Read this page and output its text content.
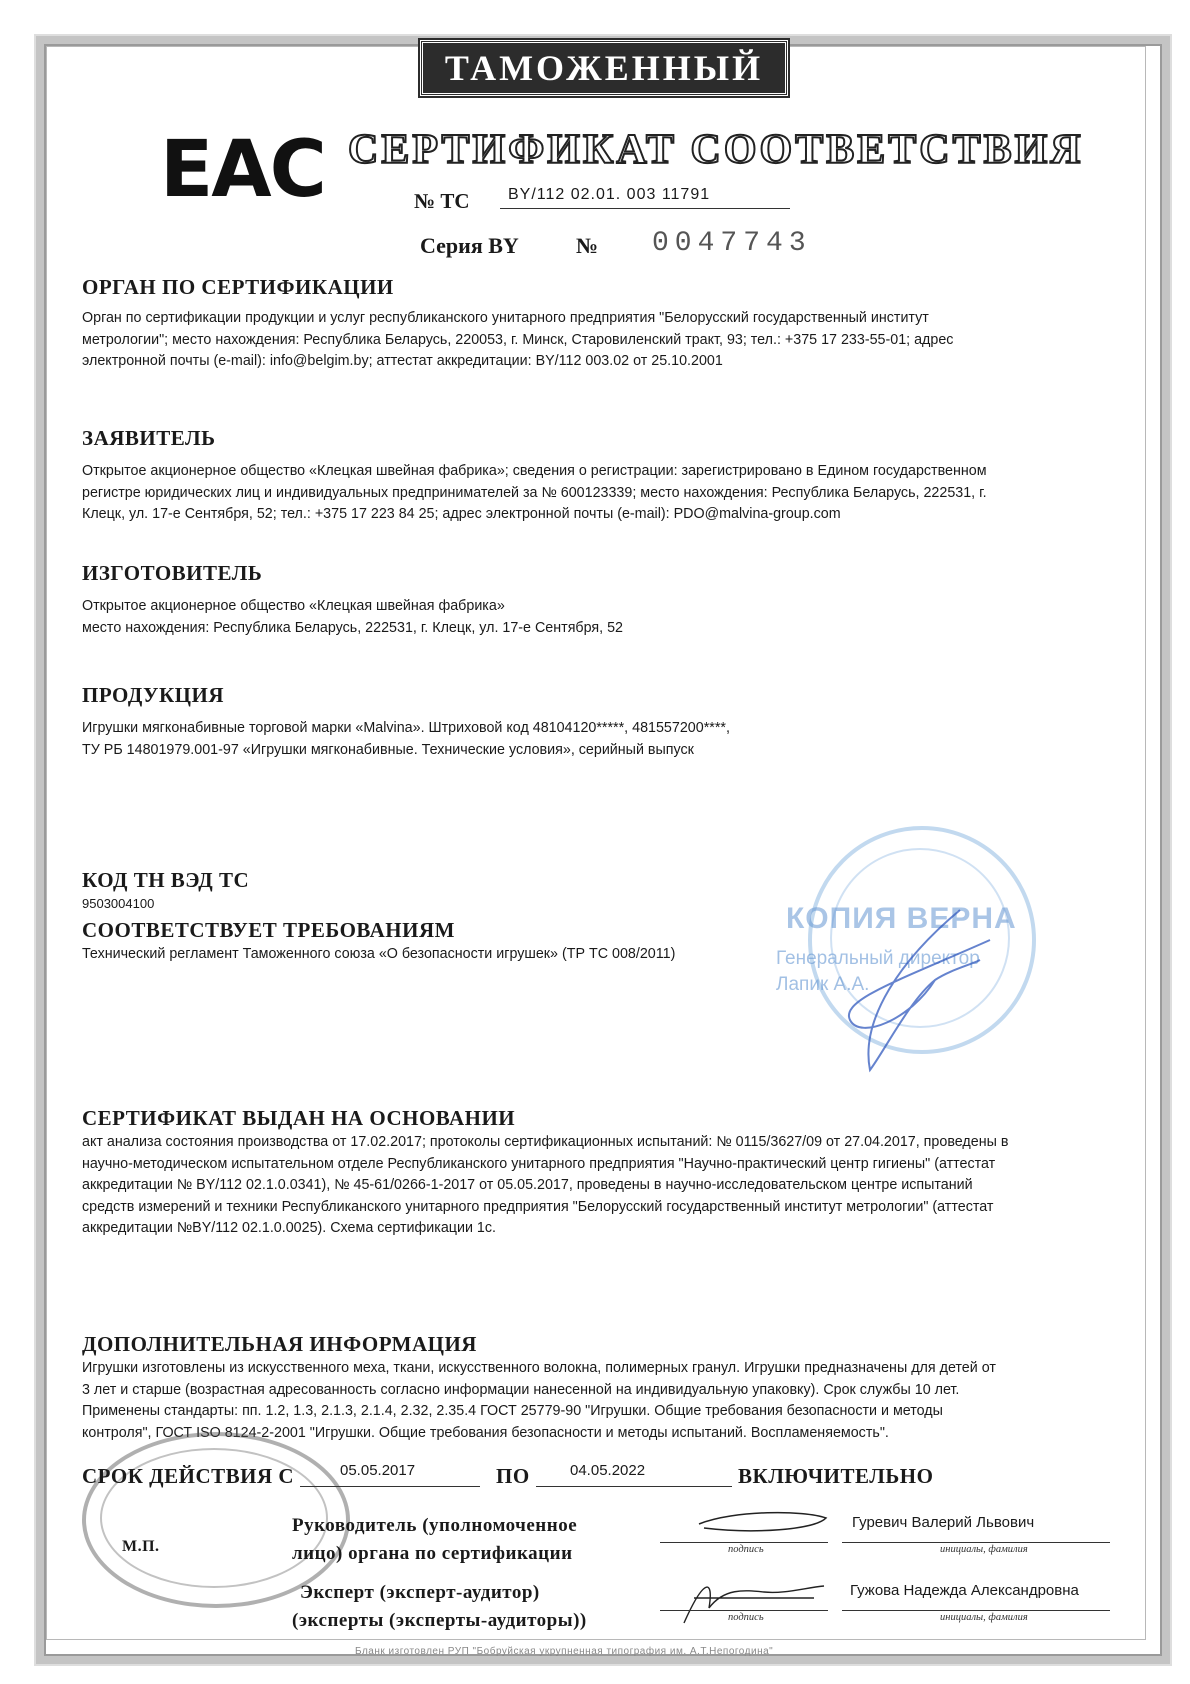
ТАМОЖЕННЫЙ СОЮЗ
EAC СЕРТИФИКАТ СООТВЕТСТВИЯ
№ ТС BY/112 02.01. 003 11791
Серия BY	№ 0047743
ОРГАН ПО СЕРТИФИКАЦИИ
Орган по сертификации продукции и услуг республиканского унитарного предприятия "Белорусский государственный институт
метрологии"; место нахождения: Республика Беларусь, 220053, г. Минск, Старовиленский тракт, 93; тел.: +375 17 233-55-01; адрес
электронной почты (e-mail): info@belgim.by; аттестат аккредитации: BY/112 003.02 от 25.10.2001
ЗАЯВИТЕЛЬ
Открытое акционерное общество «Клецкая швейная фабрика»; сведения о регистрации: зарегистрировано в Едином государственном
регистре юридических лиц и индивидуальных предпринимателей за № 600123339; место нахождения: Республика Беларусь, 222531, г.
Клецк, ул. 17-е Сентября, 52; тел.: +375 17 223 84 25; адрес электронной почты (e-mail): PDO@malvina-group.com
ИЗГОТОВИТЕЛЬ
Открытое акционерное общество «Клецкая швейная фабрика»
место нахождения: Республика Беларусь, 222531, г. Клецк, ул. 17-е Сентября, 52
ПРОДУКЦИЯ
Игрушки мягконабивные торговой марки «Malvina». Штриховой код 48104120*****, 481557200****,
ТУ РБ 14801979.001-97 «Игрушки мягконабивные. Технические условия», серийный выпуск
КОПИЯ ВЕРНА
Генеральный директор
Лапик А.А.
КОД ТН ВЭД ТС
9503004100
СООТВЕТСТВУЕТ ТРЕБОВАНИЯМ
Технический регламент Таможенного союза «О безопасности игрушек» (ТР ТС 008/2011)
СЕРТИФИКАТ ВЫДАН НА ОСНОВАНИИ
акт анализа состояния производства от 17.02.2017; протоколы сертификационных испытаний: № 0115/3627/09 от 27.04.2017, проведены в
научно-методическом испытательном отделе Республиканского унитарного предприятия "Научно-практический центр гигиены" (аттестат
аккредитации № BY/112 02.1.0.0341), № 45-61/0266-1-2017 от 05.05.2017, проведены в научно-исследовательском центре испытаний
средств измерений и техники Республиканского унитарного предприятия "Белорусский государственный институт метрологии" (аттестат
аккредитации №BY/112 02.1.0.0025). Схема сертификации 1с.
ДОПОЛНИТЕЛЬНАЯ ИНФОРМАЦИЯ
Игрушки изготовлены из искусственного меха, ткани, искусственного волокна, полимерных гранул. Игрушки предназначены для детей от
3 лет и старше (возрастная адресованность согласно информации нанесенной на индивидуальную упаковку). Срок службы 10 лет.
Применены стандарты: пп. 1.2, 1.3, 2.1.3, 2.1.4, 2.32, 2.35.4 ГОСТ 25779-90 "Игрушки. Общие требования безопасности и методы
контроля", ГОСТ ISO 8124-2-2001 "Игрушки. Общие требования безопасности и методы испытаний. Воспламеняемость".
СРОК ДЕЙСТВИЯ С	05.05.2017	ПО	04.05.2022	ВКЛЮЧИТЕЛЬНО
М.П.
Руководитель (уполномоченное
лицо) органа по сертификации	подпись
Гуревич Валерий Львович
инициалы, фамилия
Эксперт (эксперт-аудитор)
(эксперты (эксперты-аудиторы))	подпись
Гужова Надежда Александровна
инициалы, фамилия
Бланк изготовлен РУП "Бобруйская укрупненная типография им. А.Т.Непогодина"
